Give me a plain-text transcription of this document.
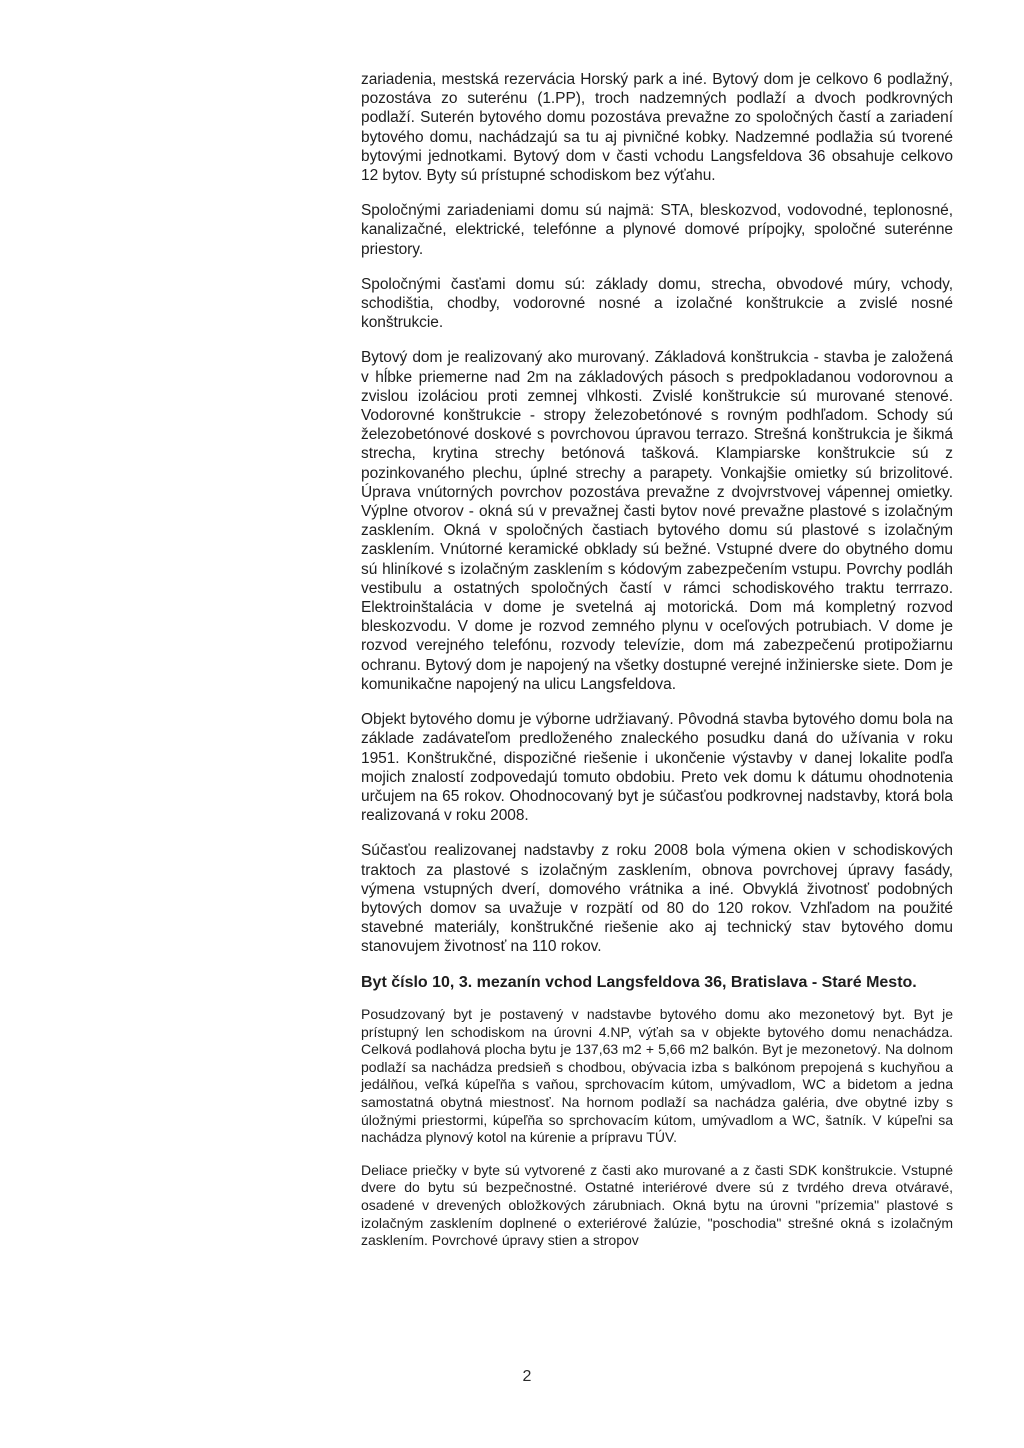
zariadenia, mestská rezervácia Horský park a iné. Bytový dom je celkovo 6 podlažný, pozostáva zo suterénu (1.PP), troch nadzemných podlaží a dvoch podkrovných podlaží. Suterén bytového domu pozostáva prevažne zo spoločných častí a zariadení bytového domu, nachádzajú sa tu aj pivničné kobky. Nadzemné podlažia sú tvorené bytovými jednotkami. Bytový dom v časti vchodu Langsfeldova 36 obsahuje celkovo 12 bytov. Byty sú prístupné schodiskom bez výťahu.

Spoločnými zariadeniami domu sú najmä: STA, bleskozvod, vodovodné, teplonosné, kanalizačné, elektrické, telefónne a plynové domové prípojky, spoločné suterénne priestory.

Spoločnými časťami domu sú: základy domu, strecha, obvodové múry, vchody, schodištia, chodby, vodorovné nosné a izolačné konštrukcie a zvislé nosné konštrukcie.

Bytový dom je realizovaný ako murovaný. Základová konštrukcia - stavba je založená v hĺbke priemerne nad 2m na základových pásoch s predpokladanou vodorovnou a zvislou izoláciou proti zemnej vlhkosti. Zvislé konštrukcie sú murované stenové. Vodorovné konštrukcie - stropy železobetónové s rovným podhľadom. Schody sú železobetónové doskové s povrchovou úpravou terrazo. Strešná konštrukcia je šikmá strecha, krytina strechy betónová tašková. Klampiarske konštrukcie sú z pozinkovaného plechu, úplné strechy a parapety. Vonkajšie omietky sú brizolitové. Úprava vnútorných povrchov pozostáva prevažne z dvojvrstvovej vápennej omietky. Výplne otvorov - okná sú v prevažnej časti bytov nové prevažne plastové s izolačným zasklením. Okná v spoločných častiach bytového domu sú plastové s izolačným zasklením. Vnútorné keramické obklady sú bežné. Vstupné dvere do obytného domu sú hliníkové s izolačným zasklením s kódovým zabezpečením vstupu. Povrchy podláh vestibulu a ostatných spoločných častí v rámci schodiskového traktu terrrazo. Elektroinštalácia v dome je svetelná aj motorická. Dom má kompletný rozvod bleskozvodu. V dome je rozvod zemného plynu v oceľových potrubiach. V dome je rozvod verejného telefónu, rozvody televízie, dom má zabezpečenú protipožiarnu ochranu. Bytový dom je napojený na všetky dostupné verejné inžinierske siete. Dom je komunikačne napojený na ulicu Langsfeldova.

Objekt bytového domu je výborne udržiavaný. Pôvodná stavba bytového domu bola na základe zadávateľom predloženého znaleckého posudku daná do užívania v roku 1951. Konštrukčné, dispozičné riešenie i ukončenie výstavby v danej lokalite podľa mojich znalostí zodpovedajú tomuto obdobiu. Preto vek domu k dátumu ohodnotenia určujem na 65 rokov. Ohodnocovaný byt je súčasťou podkrovnej nadstavby, ktorá bola realizovaná v roku 2008.

Súčasťou realizovanej nadstavby z roku 2008 bola výmena okien v schodiskových traktoch za plastové s izolačným zasklením, obnova povrchovej úpravy fasády, výmena vstupných dverí, domového vrátnika a iné. Obvyklá životnosť podobných bytových domov sa uvažuje v rozpätí od 80 do 120 rokov. Vzhľadom na použité stavebné materiály, konštrukčné riešenie ako aj technický stav bytového domu stanovujem životnosť na 110 rokov.

Byt číslo 10, 3. mezanín vchod Langsfeldova 36, Bratislava - Staré Mesto.

Posudzovaný byt je postavený v nadstavbe bytového domu ako mezonetový byt. Byt je prístupný len schodiskom na úrovni 4.NP, výťah sa v objekte bytového domu nenachádza. Celková podlahová plocha bytu je 137,63 m2 + 5,66 m2 balkón. Byt je mezonetový. Na dolnom podlaží sa nachádza predsieň s chodbou, obývacia izba s balkónom prepojená s kuchyňou a jedálňou, veľká kúpeľňa s vaňou, sprchovacím kútom, umývadlom, WC a bidetom a jedna samostatná obytná miestnosť. Na hornom podlaží sa nachádza galéria, dve obytné izby s úložnými priestormi, kúpeľňa so sprchovacím kútom, umývadlom a WC, šatník. V kúpeľni sa nachádza plynový kotol na kúrenie a prípravu TÚV.

Deliace priečky v byte sú vytvorené z časti ako murované a z časti SDK konštrukcie. Vstupné dvere do bytu sú bezpečnostné. Ostatné interiérové dvere sú z tvrdého dreva otváravé, osadené v drevených obložkových zárubniach. Okná bytu na úrovni "prízemia" plastové s izolačným zasklením doplnené o exteriérové žalúzie, "poschodia" strešné okná s izolačným zasklením. Povrchové úpravy stien a stropov

2
